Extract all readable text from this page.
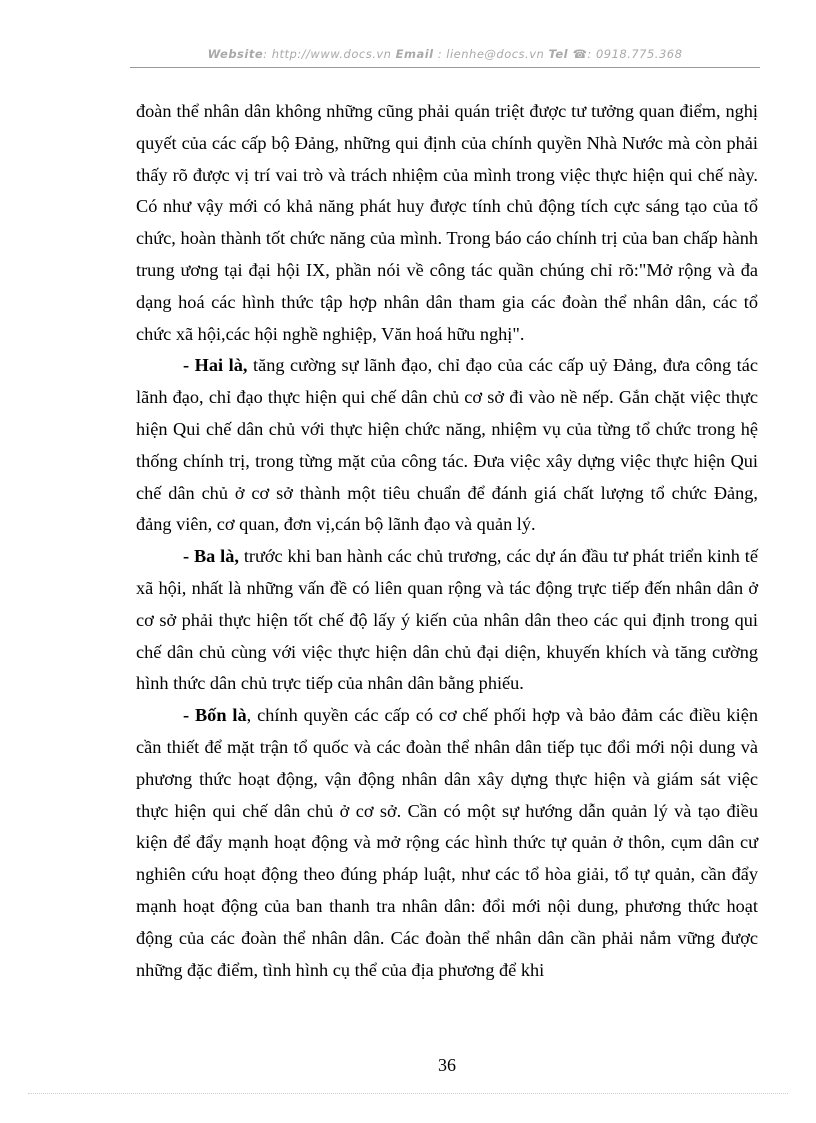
Website: http://www.docs.vn Email : lienhe@docs.vn Tel ☎: 0918.775.368

đoàn thể nhân dân không những cũng phải quán triệt được tư tưởng quan điểm, nghị quyết của các cấp bộ Đảng, những qui định của chính quyền Nhà Nước mà còn phải thấy rõ được vị trí vai trò và trách nhiệm của mình trong việc thực hiện qui chế này. Có như vậy mới có khả năng phát huy được tính chủ động tích cực sáng tạo của tổ chức, hoàn thành tốt chức năng của mình. Trong báo cáo chính trị của ban chấp hành trung ương tại đại hội IX, phần nói về công tác quần chúng chỉ rõ:"Mở rộng và đa dạng hoá các hình thức tập hợp nhân dân tham gia các đoàn thể nhân dân, các tổ chức xã hội,các hội nghề nghiệp, Văn hoá hữu nghị".

- Hai là, tăng cường sự lãnh đạo, chỉ đạo của các cấp uỷ Đảng, đưa công tác lãnh đạo, chỉ đạo thực hiện qui chế dân chủ cơ sở đi vào nề nếp. Gắn chặt việc thực hiện Qui chế dân chủ với thực hiện chức năng, nhiệm vụ của từng tổ chức trong hệ thống chính trị, trong từng mặt của công tác. Đưa việc xây dựng việc thực hiện Qui chế dân chủ ở cơ sở thành một tiêu chuẩn để đánh giá chất lượng tổ chức Đảng, đảng viên, cơ quan, đơn vị,cán bộ lãnh đạo và quản lý.

- Ba là, trước khi ban hành các chủ trương, các dự án đầu tư phát triển kinh tế xã hội, nhất là những vấn đề có liên quan rộng và tác động trực tiếp đến nhân dân ở cơ sở phải thực hiện tốt chế độ lấy ý kiến của nhân dân theo các qui định trong qui chế dân chủ cùng với việc thực hiện dân chủ đại diện, khuyến khích và tăng cường hình thức dân chủ trực tiếp của nhân dân bằng phiếu.

- Bốn là, chính quyền các cấp có cơ chế phối hợp và bảo đảm các điều kiện cần thiết để mặt trận tổ quốc và các đoàn thể nhân dân tiếp tục đổi mới nội dung và phương thức hoạt động, vận động nhân dân xây dựng thực hiện và giám sát việc thực hiện qui chế dân chủ ở cơ sở. Cần có một sự hướng dẫn quản lý và tạo điều kiện để đẩy mạnh hoạt động và mở rộng các hình thức tự quản ở thôn, cụm dân cư nghiên cứu hoạt động theo đúng pháp luật, như các tổ hòa giải, tổ tự quản, cần đẩy mạnh hoạt động của ban thanh tra nhân dân: đổi mới nội dung, phương thức hoạt động của các đoàn thể nhân dân. Các đoàn thể nhân dân cần phải nắm vững được những đặc điểm, tình hình cụ thể của địa phương để khi

36
